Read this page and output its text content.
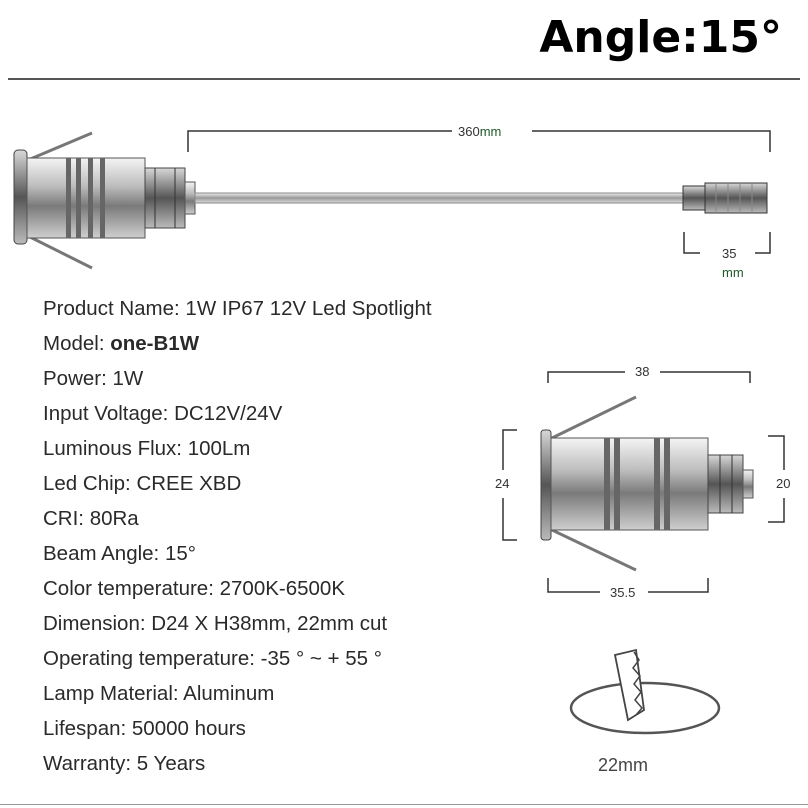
Angle:15°
360mm
35
mm
38
24	20
35.5
22mm
Product Name: 1W IP67 12V Led Spotlight
Model: one-B1W
Power: 1W
Input Voltage: DC12V/24V
Luminous Flux: 100Lm
Led Chip: CREE XBD
CRI: 80Ra
Beam Angle: 15°
Color temperature: 2700K-6500K
Dimension: D24 X H38mm, 22mm cut
Operating temperature: -35 ° ~ + 55 °
Lamp Material: Aluminum
Lifespan: 50000 hours
Warranty: 5 Years
